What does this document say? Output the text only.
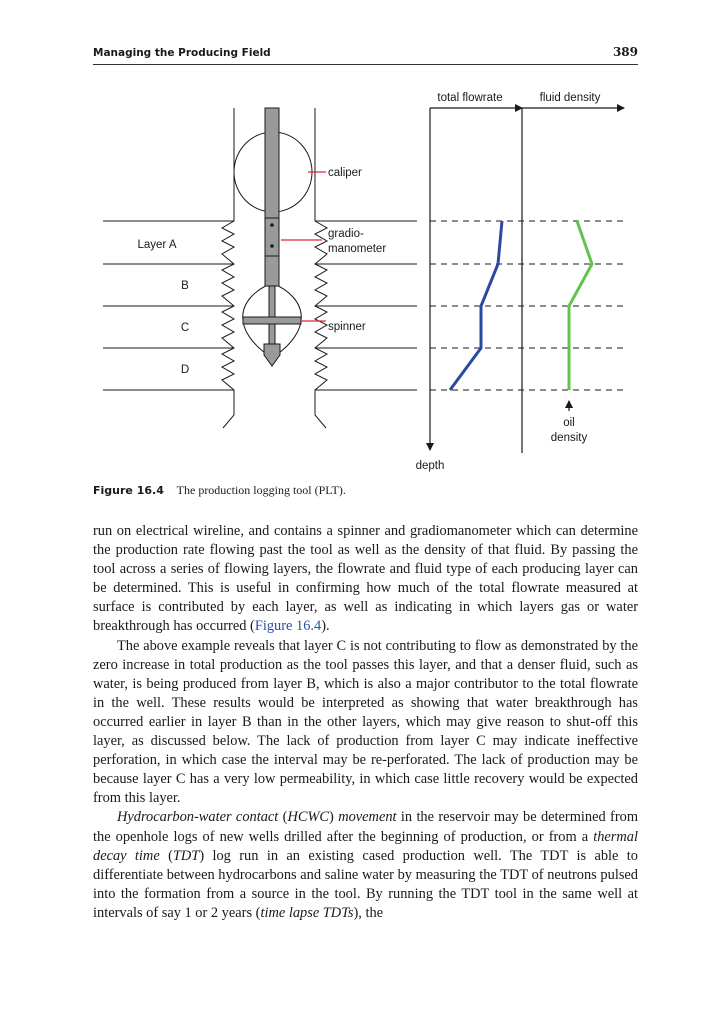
Managing the Producing Field	389
caliper
gradio-
manometer
spinner
Layer A
B
C
D
total flowrate	fluid density
depth
oil
density
Figure 16.4 The production logging tool (PLT).

run on electrical wireline, and contains a spinner and gradiomanometer which can determine the production rate flowing past the tool as well as the density of that fluid. By passing the tool across a series of flowing layers, the flowrate and fluid type of each producing layer can be determined. This is useful in confirming how much of the total flowrate measured at surface is contributed by each layer, as well as indicating in which layers gas or water breakthrough has occurred (Figure 16.4).

The above example reveals that layer C is not contributing to flow as demonstrated by the zero increase in total production as the tool passes this layer, and that a denser fluid, such as water, is being produced from layer B, which is also a major contributor to the total flowrate in the well. These results would be interpreted as showing that water breakthrough has occurred earlier in layer B than in the other layers, which may give reason to shut-off this layer, as discussed below. The lack of production from layer C may indicate ineffective perforation, in which case the interval may be re-perforated. The lack of production may be because layer C has a very low permeability, in which case little recovery would be expected from this layer.

Hydrocarbon-water contact (HCWC) movement in the reservoir may be determined from the openhole logs of new wells drilled after the beginning of production, or from a thermal decay time (TDT) log run in an existing cased production well. The TDT is able to differentiate between hydrocarbons and saline water by measuring the TDT of neutrons pulsed into the formation from a source in the tool. By running the TDT tool in the same well at intervals of say 1 or 2 years (time lapse TDTs), the
